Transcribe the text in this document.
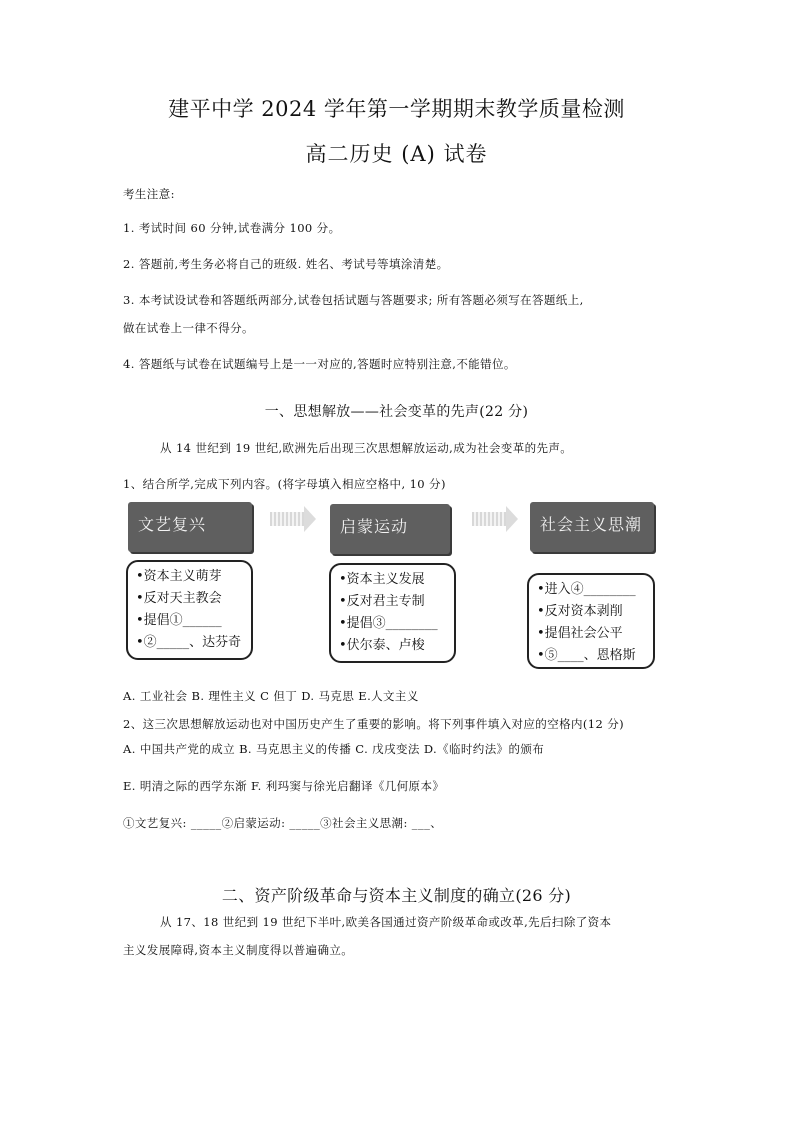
建平中学 2024 学年第一学期期末教学质量检测
高二历史 (A) 试卷
考生注意:
1. 考试时间 60 分钟,试卷满分 100 分。
2. 答题前,考生务必将自己的班级. 姓名、考试号等填涂清楚。
3. 本考试设试卷和答题纸两部分,试卷包括试题与答题要求; 所有答题必须写在答题纸上,
做在试卷上一律不得分。
4. 答题纸与试卷在试题编号上是一一对应的,答题时应特别注意,不能错位。
一、思想解放——社会变革的先声(22 分)
从 14 世纪到 19 世纪,欧洲先后出现三次思想解放运动,成为社会变革的先声。
1、结合所学,完成下列内容。(将字母填入相应空格中, 10 分)
文艺复兴	启蒙运动	社会主义思潮
•资本主义萌芽
•反对天主教会
•提倡①______
•②_____、达芬奇
•资本主义发展
•反对君主专制
•提倡③________
•伏尔泰、卢梭
•进入④________
•反对资本剥削
•提倡社会公平
•⑤____、恩格斯
A. 工业社会 B. 理性主义 C 但丁 D. 马克思 E.人文主义
2、这三次思想解放运动也对中国历史产生了重要的影响。将下列事件填入对应的空格内(12 分)
A. 中国共产党的成立 B. 马克思主义的传播 C. 戊戌变法 D.《临时约法》的颁布
E. 明清之际的西学东渐 F. 利玛窦与徐光启翻译《几何原本》
①文艺复兴: _____②启蒙运动: _____③社会主义思潮: ___、
二、资产阶级革命与资本主义制度的确立(26 分)
从 17、18 世纪到 19 世纪下半叶,欧美各国通过资产阶级革命或改革,先后扫除了资本
主义发展障碍,资本主义制度得以普遍确立。
